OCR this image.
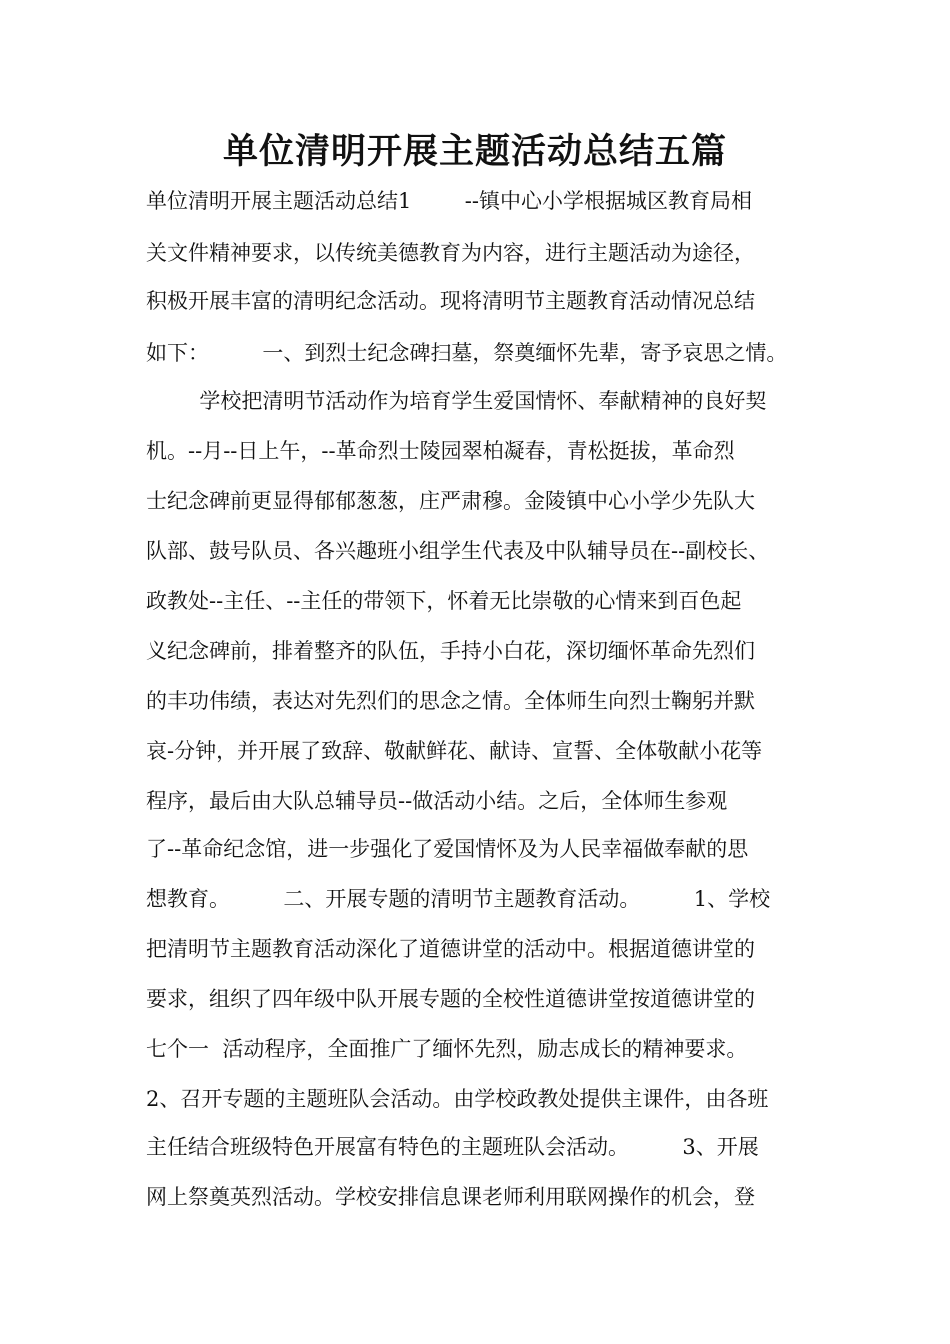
单位清明开展主题活动总结五篇
单位清明开展主题活动总结1        --镇中心小学根据城区教育局相
关文件精神要求，以传统美德教育为内容，进行主题活动为途径，
积极开展丰富的清明纪念活动。现将清明节主题教育活动情况总结
如下：        一、到烈士纪念碑扫墓，祭奠缅怀先辈，寄予哀思之情。
学校把清明节活动作为培育学生爱国情怀、奉献精神的良好契
机。--月--日上午，--革命烈士陵园翠柏凝春，青松挺拔，革命烈
士纪念碑前更显得郁郁葱葱，庄严肃穆。金陵镇中心小学少先队大
队部、鼓号队员、各兴趣班小组学生代表及中队辅导员在--副校长、
政教处--主任、--主任的带领下，怀着无比崇敬的心情来到百色起
义纪念碑前，排着整齐的队伍，手持小白花，深切缅怀革命先烈们
的丰功伟绩，表达对先烈们的思念之情。全体师生向烈士鞠躬并默
哀-分钟，并开展了致辞、敬献鲜花、献诗、宣誓、全体敬献小花等
程序，最后由大队总辅导员--做活动小结。之后，全体师生参观
了--革命纪念馆，进一步强化了爱国情怀及为人民幸福做奉献的思
想教育。        二、开展专题的清明节主题教育活动。        1、学校
把清明节主题教育活动深化了道德讲堂的活动中。根据道德讲堂的
要求，组织了四年级中队开展专题的全校性道德讲堂按道德讲堂的
七个一  活动程序，全面推广了缅怀先烈，励志成长的精神要求。
2、召开专题的主题班队会活动。由学校政教处提供主课件，由各班
主任结合班级特色开展富有特色的主题班队会活动。        3、开展
网上祭奠英烈活动。学校安排信息课老师利用联网操作的机会，登
